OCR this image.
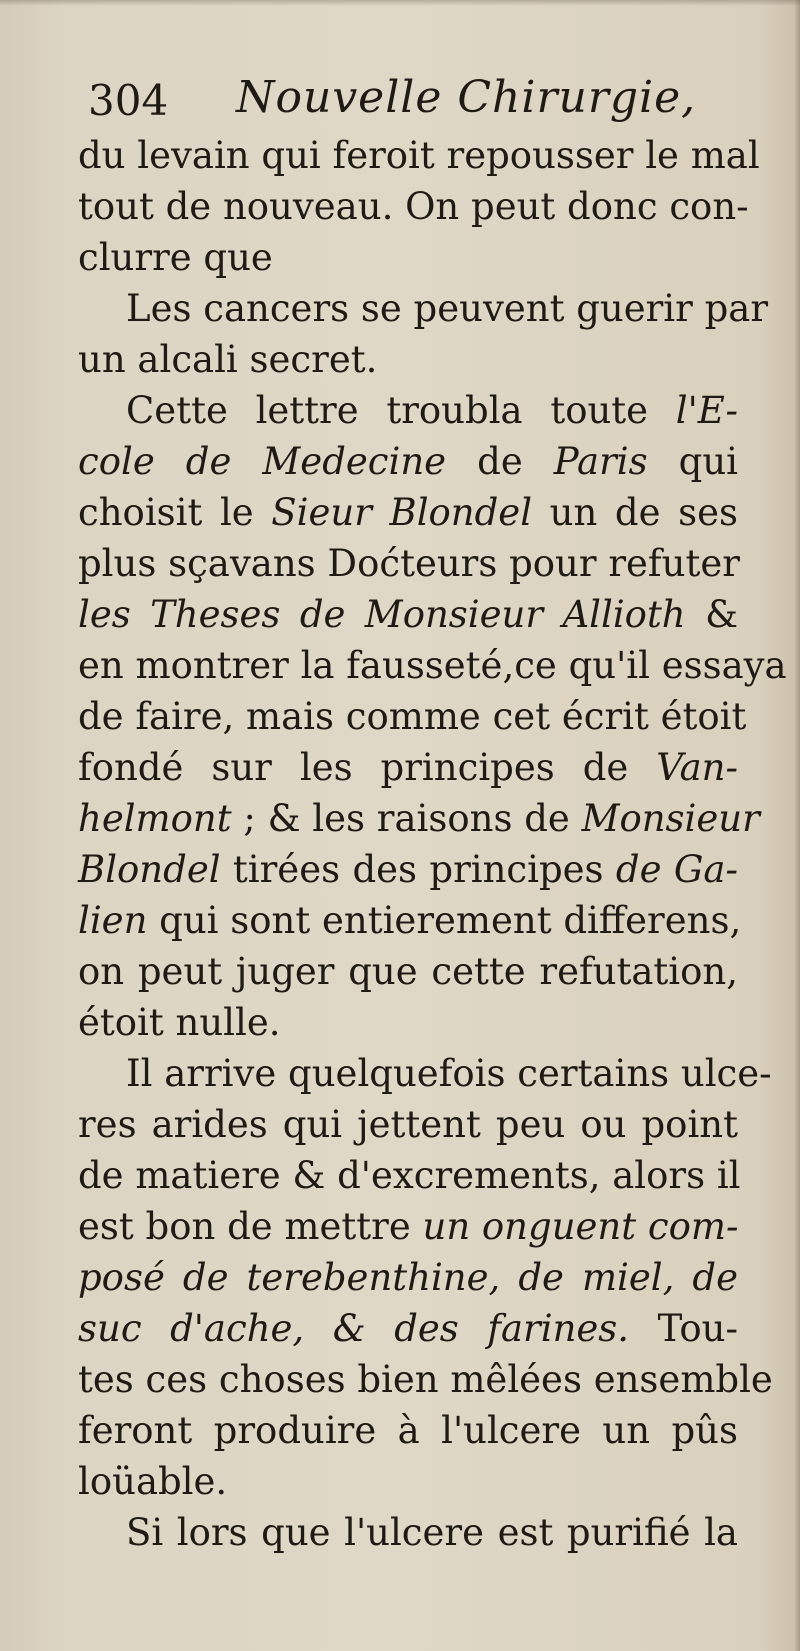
304 Nouvelle Chirurgie,
du levain qui feroit repousser le mal
tout de nouveau. On peut donc con-
clurre que
Les cancers se peuvent guerir par
un alcali secret.
Cette lettre troubla toute l'E-
cole de Medecine de Paris qui
choisit le Sieur Blondel un de ses
plus sçavans Doćteurs pour refuter
les Theses de Monsieur Allioth &
en montrer la fausseté,ce qu'il essaya
de faire, mais comme cet écrit étoit
fondé sur les principes de Van-
helmont ; & les raisons de Monsieur
Blondel tirées des principes de Ga-
lien qui sont entierement differens,
on peut juger que cette refutation,
étoit nulle.
Il arrive quelquefois certains ulce-
res arides qui jettent peu ou point
de matiere & d'excrements, alors il
est bon de mettre un onguent com-
posé de terebenthine, de miel, de
suc d'ache, & des farines. Tou-
tes ces choses bien mêlées ensemble
feront produire à l'ulcere un pûs
loüable.
Si lors que l'ulcere est purifié la
